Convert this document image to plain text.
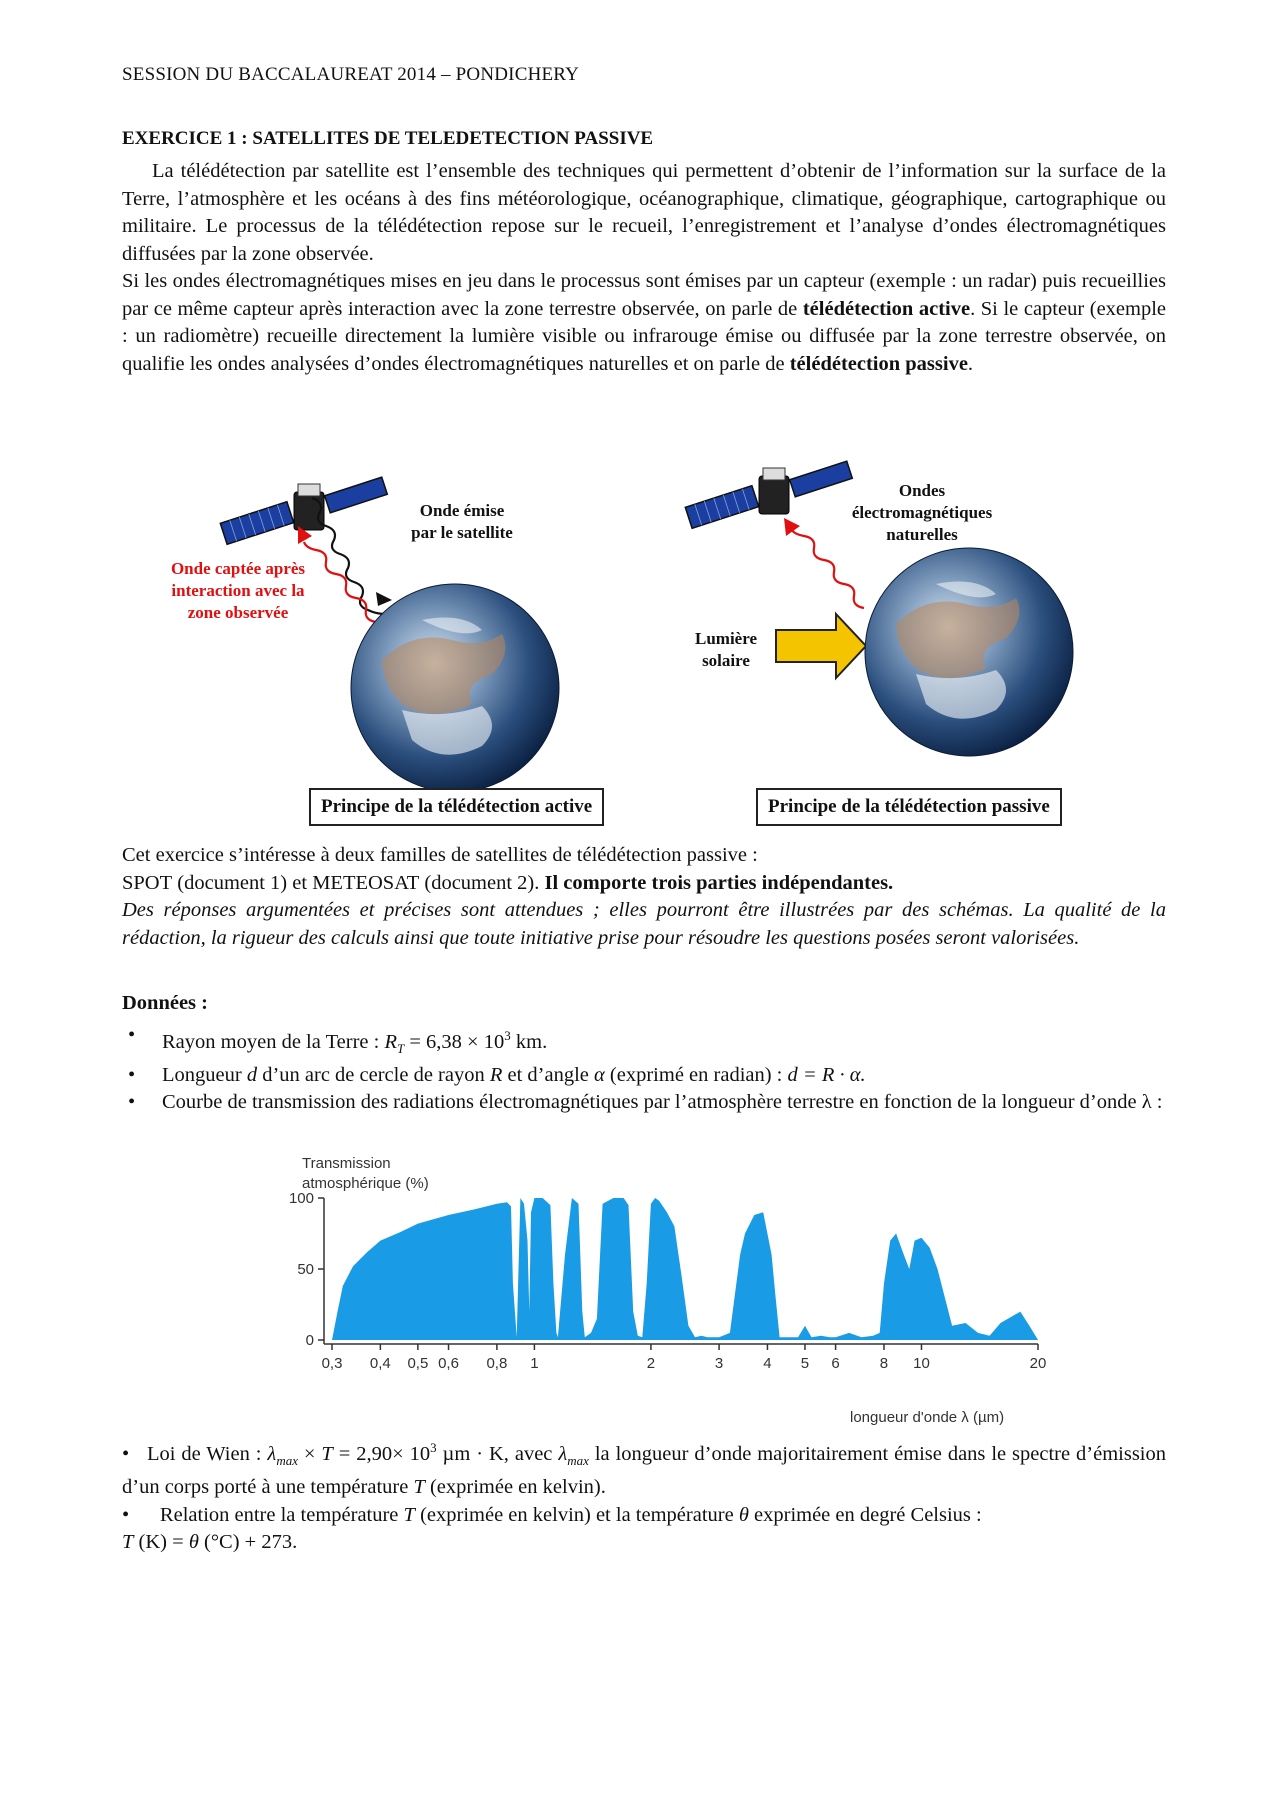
SESSION DU BACCALAUREAT 2014 – PONDICHERY
EXERCICE 1 : SATELLITES DE TELEDETECTION PASSIVE

La télédétection par satellite est l’ensemble des techniques qui permettent d’obtenir de l’information sur la surface de la Terre, l’atmosphère et les océans à des fins météorologique, océanographique, climatique, géographique, cartographique ou militaire. Le processus de la télédétection repose sur le recueil, l’enregistrement et l’analyse d’ondes électromagnétiques diffusées par la zone observée.

Si les ondes électromagnétiques mises en jeu dans le processus sont émises par un capteur (exemple : un radar) puis recueillies par ce même capteur après interaction avec la zone terrestre observée, on parle de télédétection active. Si le capteur (exemple : un radiomètre) recueille directement la lumière visible ou infrarouge émise ou diffusée par la zone terrestre observée, on qualifie les ondes analysées d’ondes électromagnétiques naturelles et on parle de télédétection passive.

Onde émise
par le satellite
Onde captée après
interaction avec la
zone observée
Ondes
électromagnétiques
naturelles
Lumière
solaire
Principe de la télédétection active	Principe de la télédétection passive

Cet exercice s’intéresse à deux familles de satellites de télédétection passive :

SPOT (document 1) et METEOSAT (document 2). Il comporte trois parties indépendantes.

Des réponses argumentées et précises sont attendues ; elles pourront être illustrées par des schémas. La qualité de la rédaction, la rigueur des calculs ainsi que toute initiative prise pour résoudre les questions posées seront valorisées.

Données :

• Rayon moyen de la Terre : $R_T = 6,38 \times 10^3$ km.
• Longueur d d’un arc de cercle de rayon R et d’angle α (exprimé en radian) : d = R · α.
• Courbe de transmission des radiations électromagnétiques par l’atmosphère terrestre en fonction de la longueur d’onde λ :
Transmission
atmosphérique (%)
longueur d'onde λ (µm)
0
50
100
0,3 0,4 0,5 0,6 0,8 1	2	3	4 5 6	8 10	20

•   Loi de Wien : $\lambda_{max} \times T = 2,90\times 10^3$ µm · K, avec $\lambda_{max}$ la longueur d’onde majoritairement émise dans le spectre d’émission d’un corps porté à une température T (exprimée en kelvin).

•      Relation entre la température T (exprimée en kelvin) et la température θ exprimée en degré Celsius :

T (K) = θ (°C) + 273.
